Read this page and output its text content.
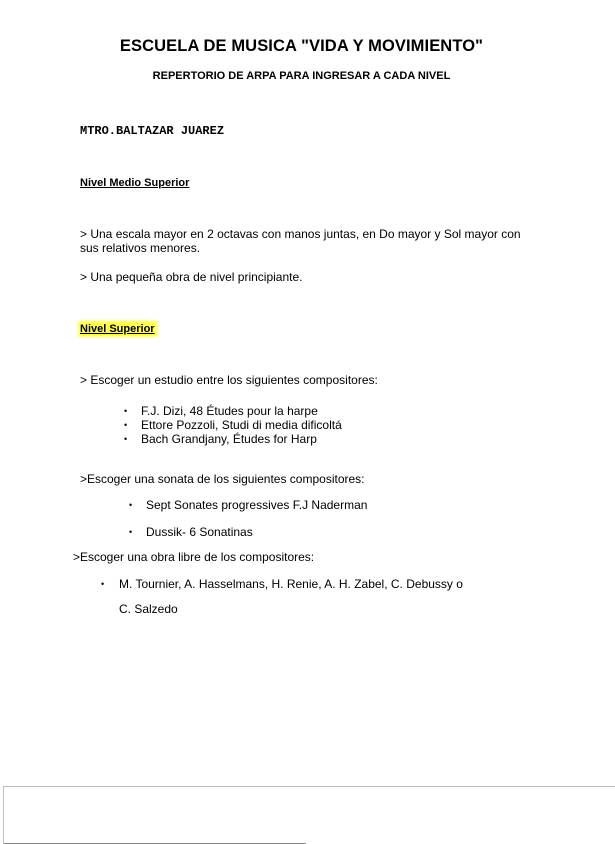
ESCUELA DE MUSICA "VIDA Y MOVIMIENTO"
REPERTORIO DE ARPA PARA INGRESAR A CADA NIVEL
MTRO.BALTAZAR JUAREZ
Nivel Medio Superior
> Una escala mayor en 2 octavas con manos juntas, en Do mayor y Sol mayor con
sus relativos menores.
> Una pequeña obra de nivel principiante.
Nivel Superior
> Escoger un estudio entre los siguientes compositores:
• F.J. Dizi, 48 Études pour la harpe
• Ettore Pozzoli, Studi di media dificoltá
• Bach Grandjany, Études for Harp
>Escoger una sonata de los siguientes compositores:
• Sept Sonates progressives F.J Naderman
• Dussik- 6 Sonatinas
>Escoger una obra libre de los compositores:
• M. Tournier, A. Hasselmans, H. Renie, A. H. Zabel, C. Debussy o
C. Salzedo
